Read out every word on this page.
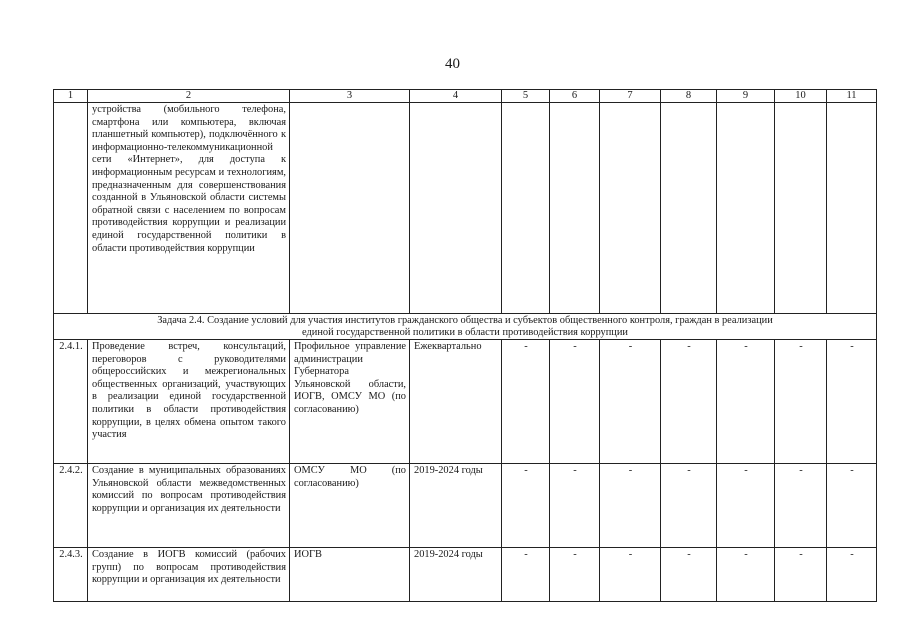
40
1	2	3	4	5	6	7	8	9	10	11
	устройства (мобильного телефона, смартфона или компьютера, включая планшетный компьютер), подключённого к информационно-телекоммуникационной сети «Интернет», для доступа к информационным ресурсам и технологиям, предназначенным для совершенствования созданной в Ульяновской области системы обратной связи с населением по вопросам противодействия коррупции и реализации единой государственной политики в области противодействия коррупции									

Задача 2.4. Создание условий для участия институтов гражданского общества и субъектов общественного контроля, граждан в реализации
единой государственной политики в области противодействия коррупции										

2.4.1.	Проведение встреч, консультаций, переговоров с руководителями общероссийских и межрегиональных общественных организаций, участвующих в реализации единой государственной политики в области противодействия коррупции, в целях обмена опытом такого участия	Профильное управление администрации Губернатора Ульяновской области, ИОГВ, ОМСУ МО (по согласованию)	Ежеквартально	-	-	-	-	-	-	-
2.4.2.	Создание в муниципальных образованиях Ульяновской области межведомственных комиссий по вопросам противодействия коррупции и организация их деятельности	ОМСУ МО (по согласованию)	2019-2024 годы	-	-	-	-	-	-	-
2.4.3.	Создание в ИОГВ комиссий (рабочих групп) по вопросам противодействия коррупции и организация их деятельности	ИОГВ	2019-2024 годы	-	-	-	-	-	-	-
